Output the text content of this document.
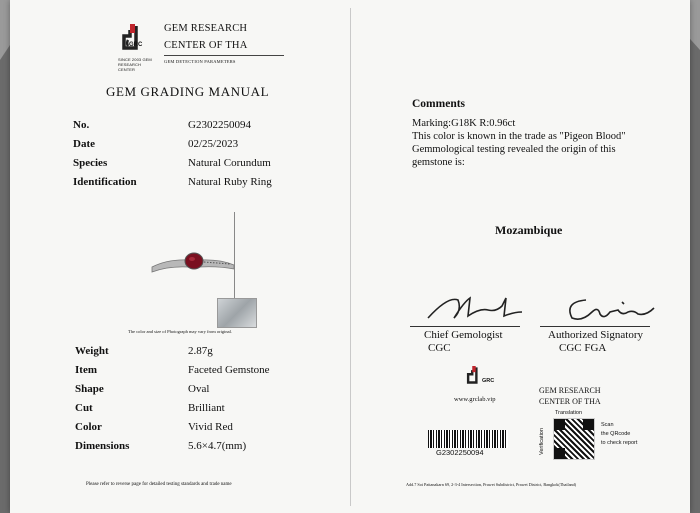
GRC
SINCE 2003 GEM RESEARCH CENTER
GEM RESEARCH
CENTER OF THA
GEM DETECTION PARAMETERS
GEM GRADING MANUAL
No.	G2302250094
Date	02/25/2023
Species	Natural Corundum
Identification	Natural Ruby Ring
The color and size of Photograph may vary from original.
Weight	2.87g
Item	Faceted Gemstone
Shape	Oval
Cut	Brilliant
Color	Vivid Red
Dimensions	5.6×4.7(mm)
Please refer to reverse page for detailed testing standards and trade name
Comments
Marking:G18K R:0.96ct
This color is known in the trade as "Pigeon Blood"
Gemmological testing revealed the origin of this
gemstone is:
Mozambique
Chief Gemologist
CGC
Authorized Signatory
CGC FGA
GRC
www.grclab.vip
GEM RESEARCH
CENTER OF THA
G2302250094
Translation
Verification
Scan
the QRcode
to check report
Add.7 Soi Pattanakarn 69, 2-3-4 Intersection, Prawet Subdistrict, Prawet District, Bangkok(Thailand)
